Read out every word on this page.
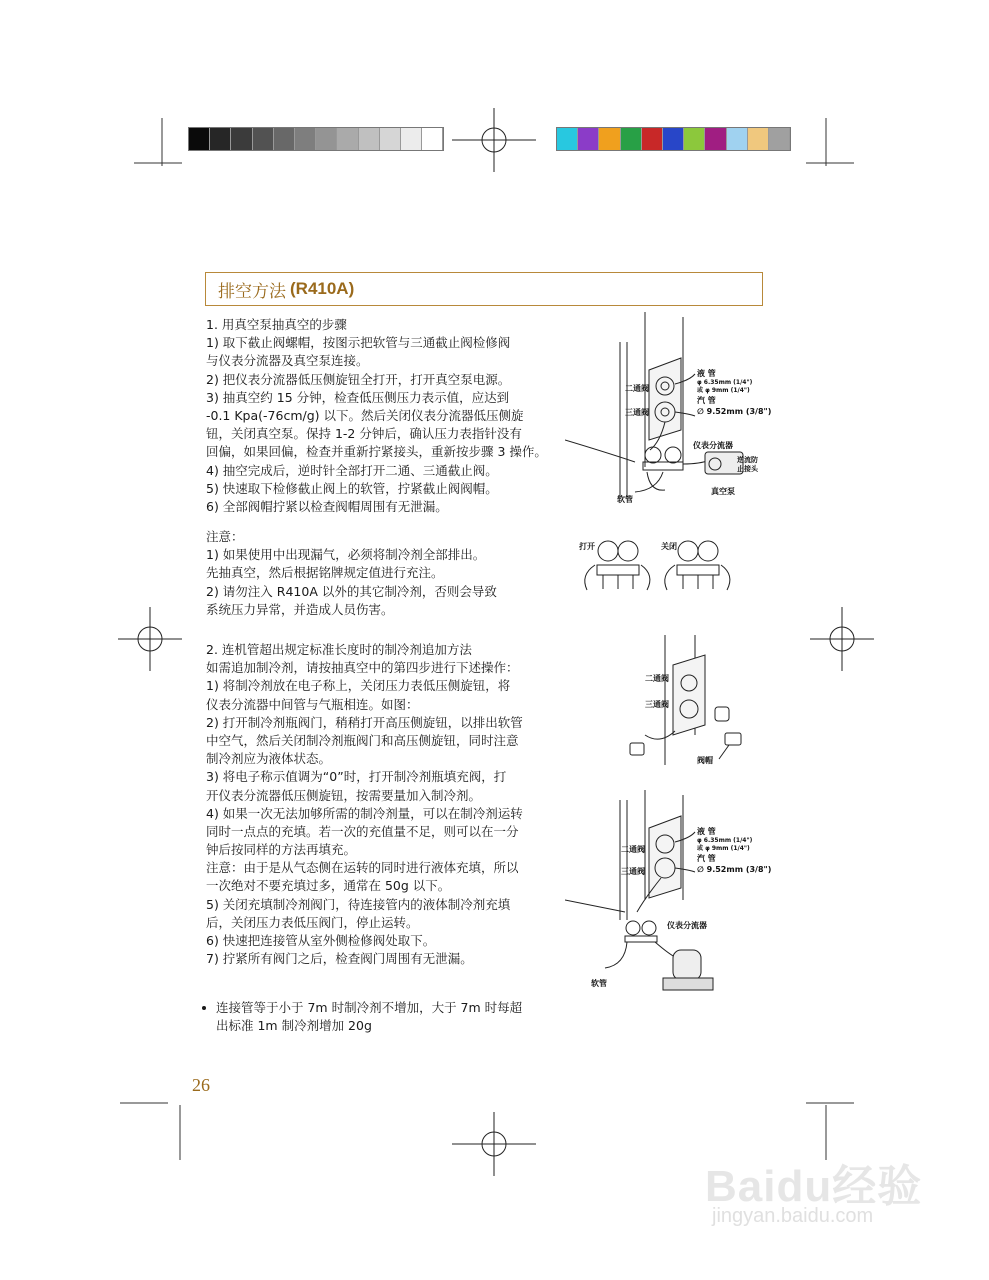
排空方法 (R410A)
1. 用真空泵抽真空的步骤
1) 取下截止阀螺帽，按图示把软管与三通截止阀检修阀
与仪表分流器及真空泵连接。
2) 把仪表分流器低压侧旋钮全打开，打开真空泵电源。
3) 抽真空约 15 分钟，检查低压侧压力表示值，应达到
-0.1 Kpa(-76cm/g) 以下。然后关闭仪表分流器低压侧旋
钮，关闭真空泵。保持 1-2 分钟后，确认压力表指针没有
回偏，如果回偏，检查并重新拧紧接头，重新按步骤 3 操作。
4) 抽空完成后，逆时针全部打开二通、三通截止阀。
5) 快速取下检修截止阀上的软管，拧紧截止阀阀帽。
6) 全部阀帽拧紧以检查阀帽周围有无泄漏。
注意：
1) 如果使用中出现漏气，必须将制冷剂全部排出。
先抽真空，然后根据铭牌规定值进行充注。
2) 请勿注入 R410A 以外的其它制冷剂，否则会导致
系统压力异常，并造成人员伤害。
2. 连机管超出规定标准长度时的制冷剂追加方法
如需追加制冷剂，请按抽真空中的第四步进行下述操作：
1) 将制冷剂放在电子称上，关闭压力表低压侧旋钮，将
仪表分流器中间管与气瓶相连。如图：
2) 打开制冷剂瓶阀门，稍稍打开高压侧旋钮，以排出软管
中空气，然后关闭制冷剂瓶阀门和高压侧旋钮，同时注意
制冷剂应为液体状态。
3) 将电子称示值调为“0”时，打开制冷剂瓶填充阀，打
开仪表分流器低压侧旋钮，按需要量加入制冷剂。
4) 如果一次无法加够所需的制冷剂量，可以在制冷剂运转
同时一点点的充填。若一次的充值量不足，则可以在一分
钟后按同样的方法再填充。
注意：由于是从气态侧在运转的同时进行液体充填，所以
一次绝对不要充填过多，通常在 50g 以下。
5) 关闭充填制冷剂阀门，待连接管内的液体制冷剂充填
后，关闭压力表低压阀门，停止运转。
6) 快速把连接管从室外侧检修阀处取下。
7) 拧紧所有阀门之后，检查阀门周围有无泄漏。
连接管等于小于 7m 时制冷剂不增加，大于 7m 时每超
出标准 1m 制冷剂增加 20g
二通阀
三通阀
液 管
φ 6.35mm (1/4")
或 φ 9mm (1/4")
汽 管
∅ 9.52mm (3/8")
仪表分流器
逆流防
止接头
软管
真空泵
打开	关闭
二通阀
三通阀
阀帽
二通阀
三通阀
液 管
φ 6.35mm (1/4")
或 φ 9mm (1/4")
汽 管
∅ 9.52mm (3/8")
仪表分流器
软管
26
Baidu经验
jingyan.baidu.com
